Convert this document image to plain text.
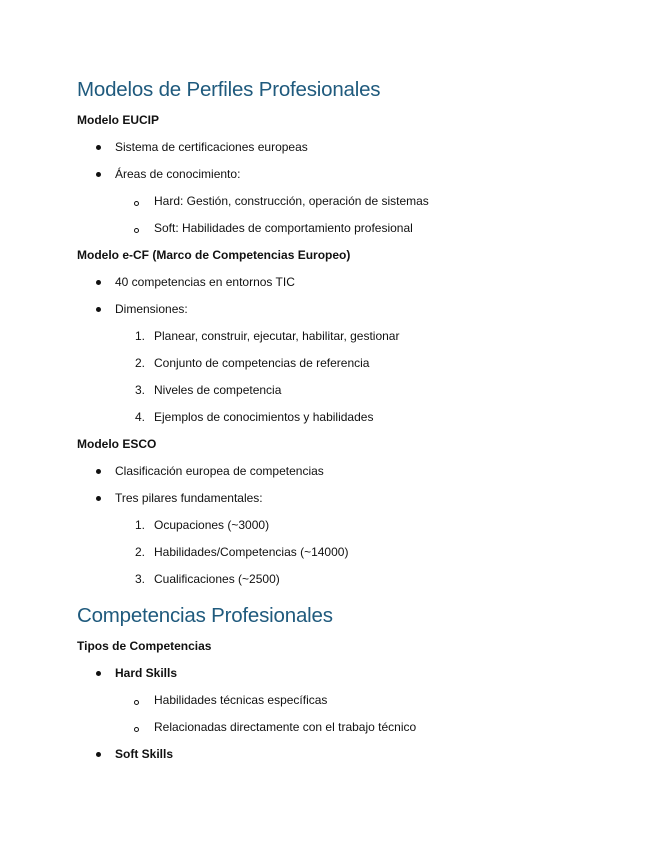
Modelos de Perfiles Profesionales

Modelo EUCIP

Sistema de certificaciones europeas
Áreas de conocimiento:
Hard: Gestión, construcción, operación de sistemas
Soft: Habilidades de comportamiento profesional

Modelo e-CF (Marco de Competencias Europeo)

40 competencias en entornos TIC
Dimensiones:
1. Planear, construir, ejecutar, habilitar, gestionar
2. Conjunto de competencias de referencia
3. Niveles de competencia
4. Ejemplos de conocimientos y habilidades

Modelo ESCO

Clasificación europea de competencias
Tres pilares fundamentales:
1. Ocupaciones (~3000)
2. Habilidades/Competencias (~14000)
3. Cualificaciones (~2500)
Competencias Profesionales

Tipos de Competencias

Hard Skills
Habilidades técnicas específicas
Relacionadas directamente con el trabajo técnico
Soft Skills
